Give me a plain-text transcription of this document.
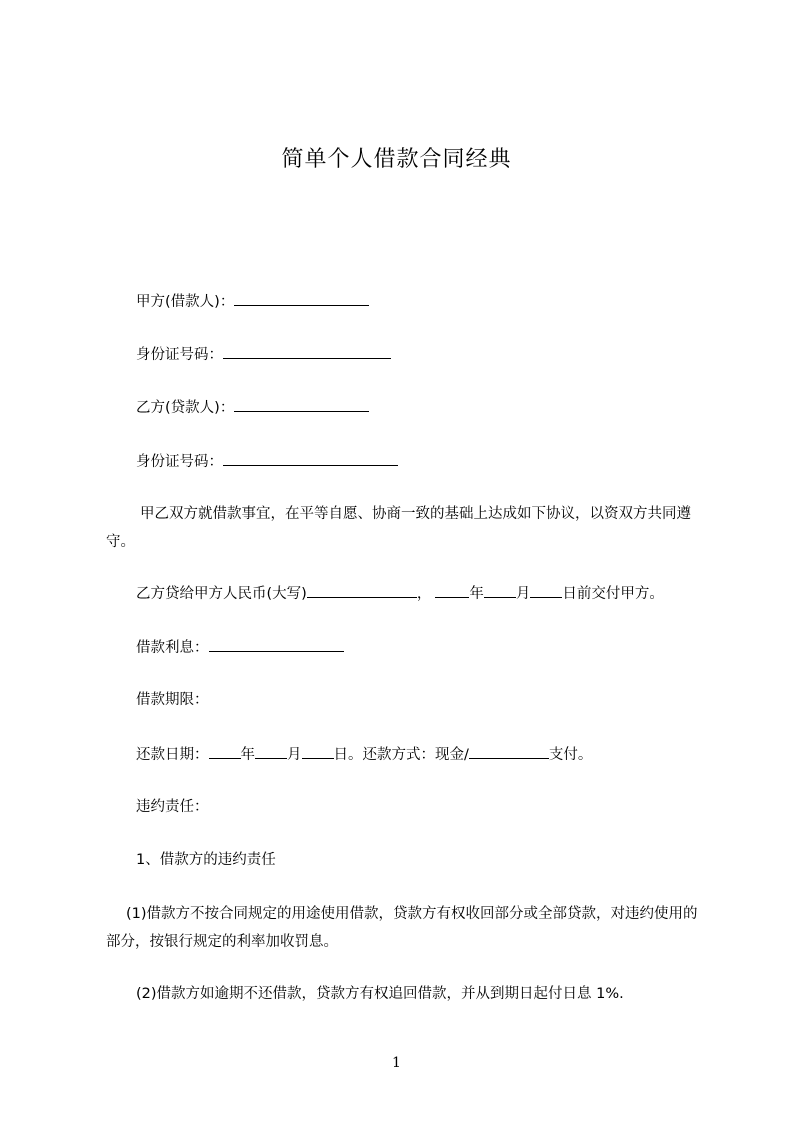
简单个人借款合同经典
甲方(借款人)：
身份证号码：
乙方(贷款人)：
身份证号码：
甲乙双方就借款事宜，在平等自愿、协商一致的基础上达成如下协议，以资双方共同遵守。
乙方贷给甲方人民币(大写)	，	年 月 日前交付甲方。
借款利息：
借款期限：
还款日期： 年 月 日。还款方式：现金/	支付。
违约责任：
1、借款方的违约责任
(1)借款方不按合同规定的用途使用借款，贷款方有权收回部分或全部贷款，对违约使用的部分，按银行规定的利率加收罚息。
(2)借款方如逾期不还借款，贷款方有权追回借款，并从到期日起付日息 1%.
1
